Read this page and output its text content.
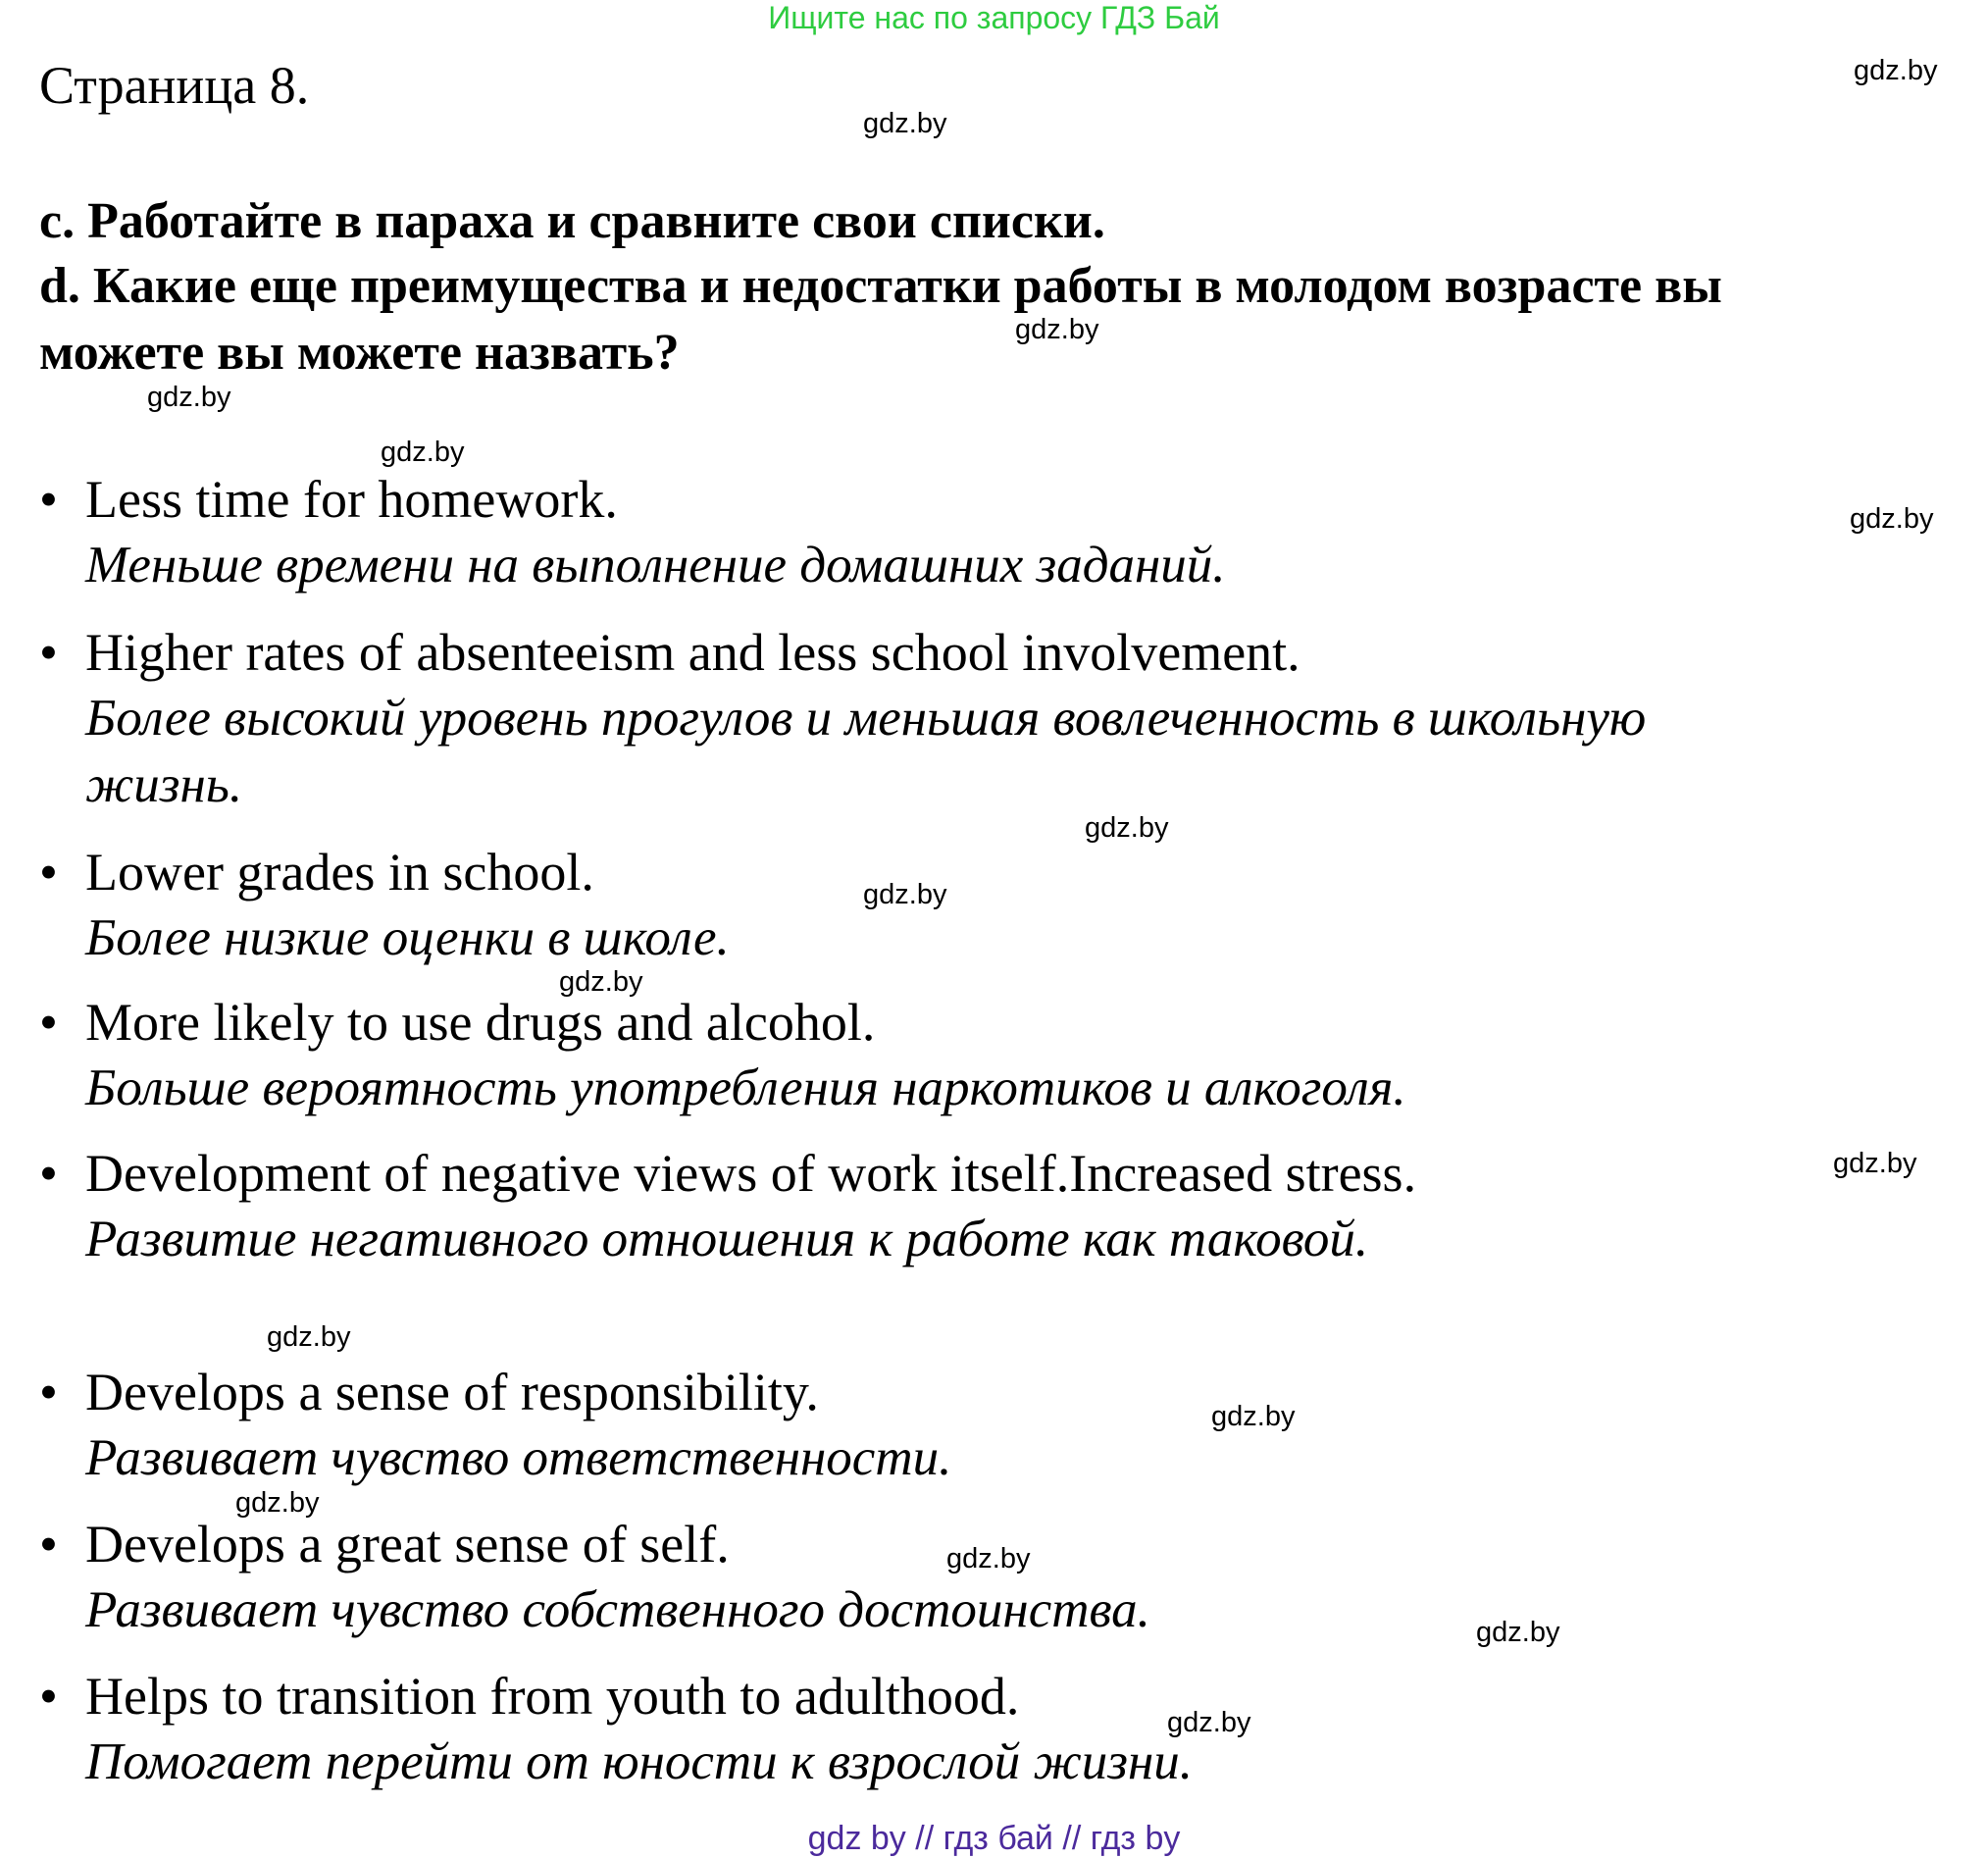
Ищите нас по запросу ГДЗ Бай
Страница 8.
c. Работайте в параха и сравните свои списки.
d. Какие еще преимущества и недостатки работы в молодом возрасте вы
можете вы можете назвать?
• Less time for homework.
Меньше времени на выполнение домашних заданий.
• Higher rates of absenteeism and less school involvement.
Более высокий уровень прогулов и меньшая вовлеченность в школьную
жизнь.
• Lower grades in school.
Более низкие оценки в школе.
• More likely to use drugs and alcohol.
Больше вероятность употребления наркотиков и алкоголя.
• Development of negative views of work itself.Increased stress.
Развитие негативного отношения к работе как таковой.
• Develops a sense of responsibility.
Развивает чувство ответственности.
• Develops a great sense of self.
Развивает чувство собственного достоинства.
• Helps to transition from youth to adulthood.
Помогает перейти от юности к взрослой жизни.
gdz.by
gdz.by
gdz.by
gdz.by
gdz.by
gdz.by
gdz.by
gdz.by
gdz.by
gdz.by
gdz.by
gdz.by
gdz.by
gdz.by
gdz.by
gdz.by
gdz by // гдз бай // гдз by
